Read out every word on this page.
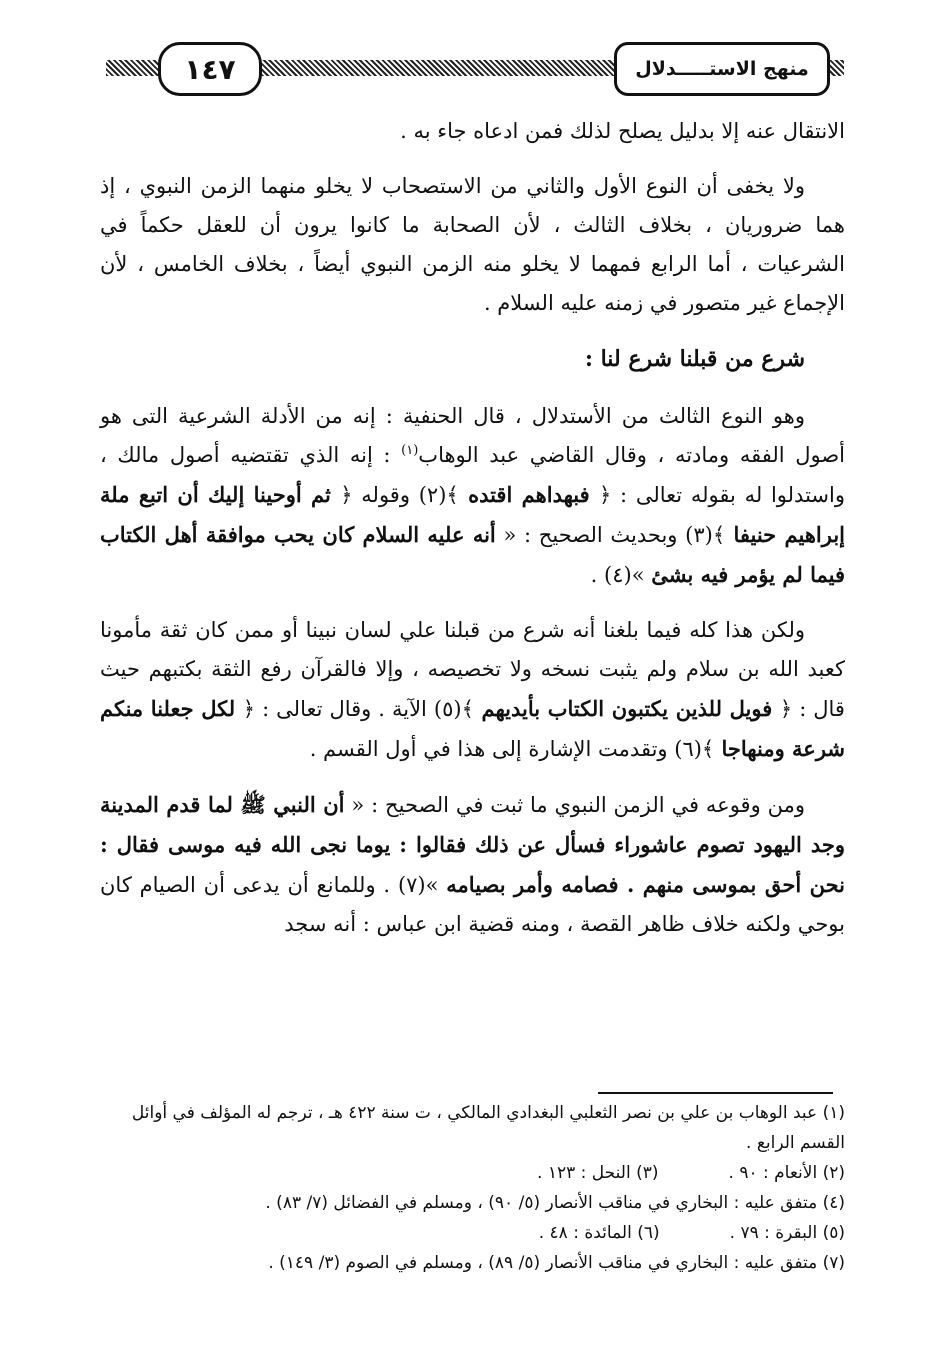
١٤٧	منهج الاستـــــدلال

الانتقال عنه إلا بدليل يصلح لذلك فمن ادعاه جاء به .

ولا يخفى أن النوع الأول والثاني من الاستصحاب لا يخلو منهما الزمن النبوي ، إذ هما ضروريان ، بخلاف الثالث ، لأن الصحابة ما كانوا يرون أن للعقل حكماً في الشرعيات ، أما الرابع فمهما لا يخلو منه الزمن النبوي أيضاً ، بخلاف الخامس ، لأن الإجماع غير متصور في زمنه عليه السلام .

شرع من قبلنا شرع لنا :

وهو النوع الثالث من الأستدلال ، قال الحنفية : إنه من الأدلة الشرعية التى هو أصول الفقه ومادته ، وقال القاضي عبد الوهاب$^{(١)}$ : إنه الذي تقتضيه أصول مالك ، واستدلوا له بقوله تعالى : ﴿ فبهداهم اقتده ﴾(٢) وقوله ﴿ ثم أوحينا إليك أن اتبع ملة إبراهيم حنيفا ﴾(٣) وبحديث الصحيح : « أنه عليه السلام كان يحب موافقة أهل الكتاب فيما لم يؤمر فيه بشئ »(٤) .

ولكن هذا كله فيما بلغنا أنه شرع من قبلنا علي لسان نبينا أو ممن كان ثقة مأمونا كعبد الله بن سلام ولم يثبت نسخه ولا تخصيصه ، وإلا فالقرآن رفع الثقة بكتبهم حيث قال : ﴿ فويل للذين يكتبون الكتاب بأيديهم ﴾(٥) الآية . وقال تعالى : ﴿ لكل جعلنا منكم شرعة ومنهاجا ﴾(٦) وتقدمت الإشارة إلى هذا في أول القسم .

ومن وقوعه في الزمن النبوي ما ثبت في الصحيح : « أن النبي ﷺ لما قدم المدينة وجد اليهود تصوم عاشوراء فسأل عن ذلك فقالوا : يوما نجى الله فيه موسى فقال : نحن أحق بموسى منهم . فصامه وأمر بصيامه »(٧) . وللمانع أن يدعى أن الصيام كان بوحي ولكنه خلاف ظاهر القصة ، ومنه قضية ابن عباس : أنه سجد

(١) عبد الوهاب بن علي بن نصر الثعلبي البغدادي المالكي ، ت سنة ٤٢٢ هـ ، ترجم له المؤلف في أوائل القسم الرابع .

(٢) الأنعام : ٩٠ .
(٣) النحل : ١٢٣ .

(٤) متفق عليه : البخاري في مناقب الأنصار (٥/ ٩٠) ، ومسلم في الفضائل (٧/ ٨٣) .

(٥) البقرة : ٧٩ .
(٦) المائدة : ٤٨ .

(٧) متفق عليه : البخاري في مناقب الأنصار (٥/ ٨٩) ، ومسلم في الصوم (٣/ ١٤٩) .
